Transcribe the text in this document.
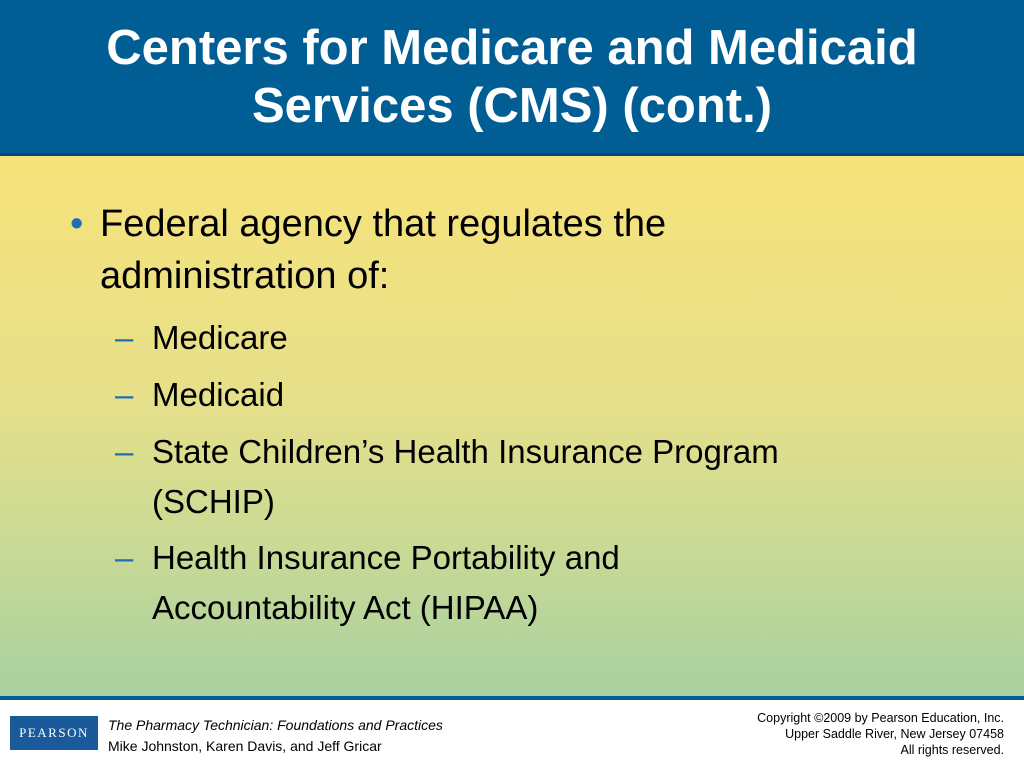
Centers for Medicare and Medicaid
Services (CMS) (cont.)
• Federal agency that regulates the
administration of:
– Medicare
– Medicaid
– State Children’s Health Insurance Program
(SCHIP)
– Health Insurance Portability and
Accountability Act (HIPAA)
PEARSON	The Pharmacy Technician: Foundations and Practices
Mike Johnston, Karen Davis, and Jeff Gricar
Copyright ©2009 by Pearson Education, Inc.
Upper Saddle River, New Jersey 07458
All rights reserved.
